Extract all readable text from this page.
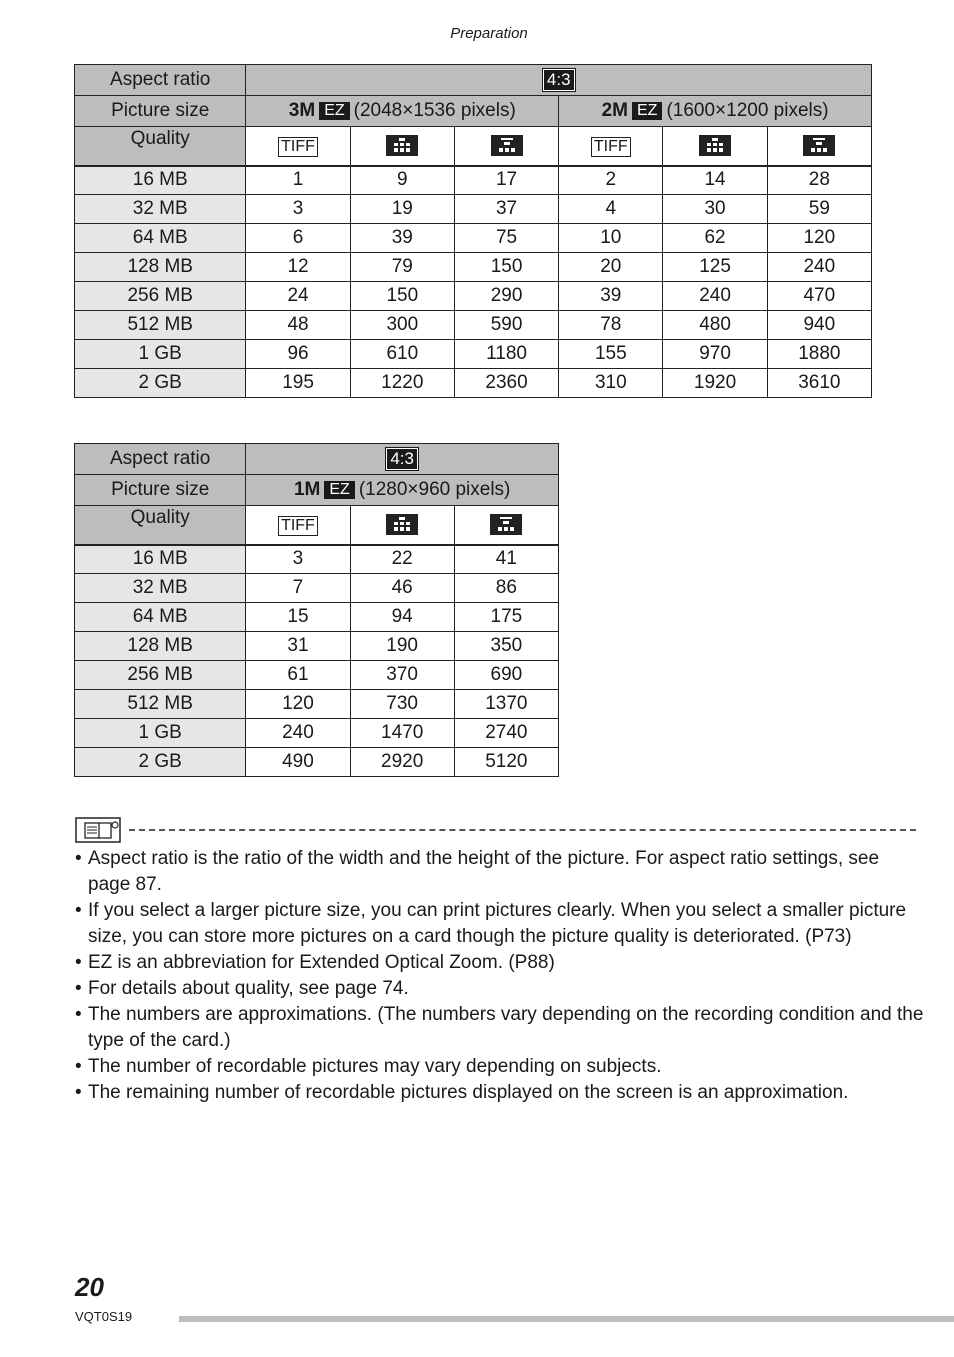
Preparation
Aspect ratio	4:3					
Picture size	3M EZ (2048×1536 pixels)			2M EZ (1600×1200 pixels)		
Quality	TIFF			TIFF	

16 MB	1	9	17	2	14	28
32 MB	3	19	37	4	30	59
64 MB	6	39	75	10	62	120
128 MB	12	79	150	20	125	240
256 MB	24	150	290	39	240	470
512 MB	48	300	590	78	480	940
1 GB	96	610	1180	155	970	1880
2 GB	195	1220	2360	310	1920	3610
Aspect ratio	4:3		
Picture size	1M EZ (1280×960 pixels)		
Quality	TIFF	

16 MB	3	22	41
32 MB	7	46	86
64 MB	15	94	175
128 MB	31	190	350
256 MB	61	370	690
512 MB	120	730	1370
1 GB	240	1470	2740
2 GB	490	2920	5120
• Aspect ratio is the ratio of the width and the height of the picture. For aspect ratio settings, see page 87.
• If you select a larger picture size, you can print pictures clearly. When you select a smaller picture size, you can store more pictures on a card though the picture quality is deteriorated. (P73)
• EZ is an abbreviation for Extended Optical Zoom. (P88)
• For details about quality, see page 74.
• The numbers are approximations. (The numbers vary depending on the recording condition and the type of the card.)
• The number of recordable pictures may vary depending on subjects.
• The remaining number of recordable pictures displayed on the screen is an approximation.
20
VQT0S19
